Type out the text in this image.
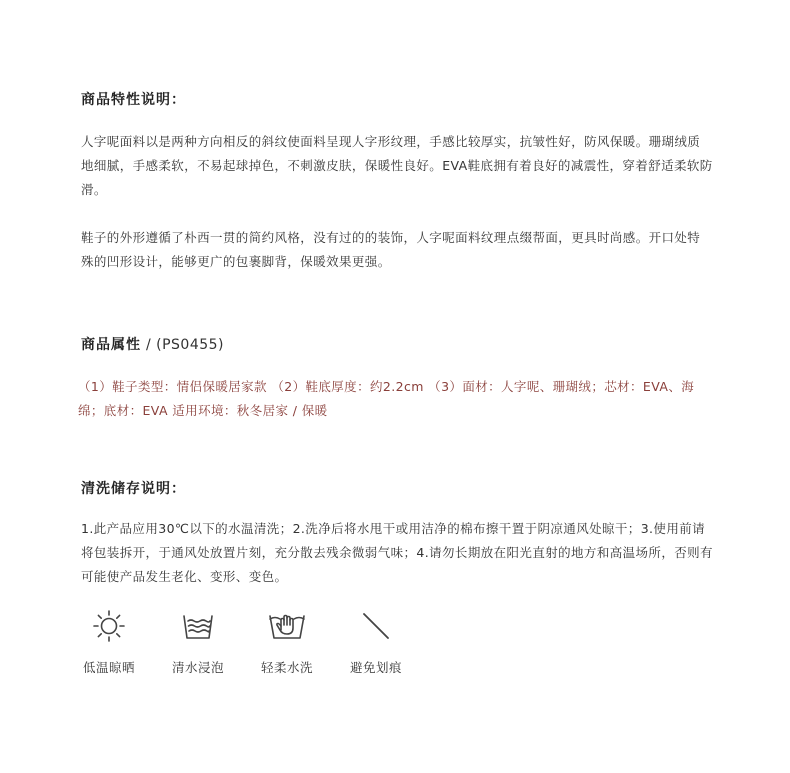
商品特性说明：
人字呢面料以是两种方向相反的斜纹使面料呈现人字形纹理，手感比较厚实，抗皱性好，防风保暖。珊瑚绒质地细腻，手感柔软，不易起球掉色，不刺激皮肤，保暖性良好。EVA鞋底拥有着良好的减震性，穿着舒适柔软防滑。
鞋子的外形遵循了朴西一贯的简约风格，没有过的的装饰，人字呢面料纹理点缀帮面，更具时尚感。开口处特殊的凹形设计，能够更广的包裹脚背，保暖效果更强。
商品属性 / (PS0455)
（1）鞋子类型：情侣保暖居家款 （2）鞋底厚度：约2.2cm （3）面材：人字呢、珊瑚绒；芯材：EVA、海绵；底材：EVA 适用环境：秋冬居家 / 保暖
清洗储存说明：
1.此产品应用30℃以下的水温清洗；2.洗净后将水甩干或用洁净的棉布擦干置于阴凉通风处晾干；3.使用前请将包装拆开，于通风处放置片刻，充分散去残余微弱气味；4.请勿长期放在阳光直射的地方和高温场所，否则有可能使产品发生老化、变形、变色。
低温晾晒	清水浸泡	轻柔水洗	避免划痕
